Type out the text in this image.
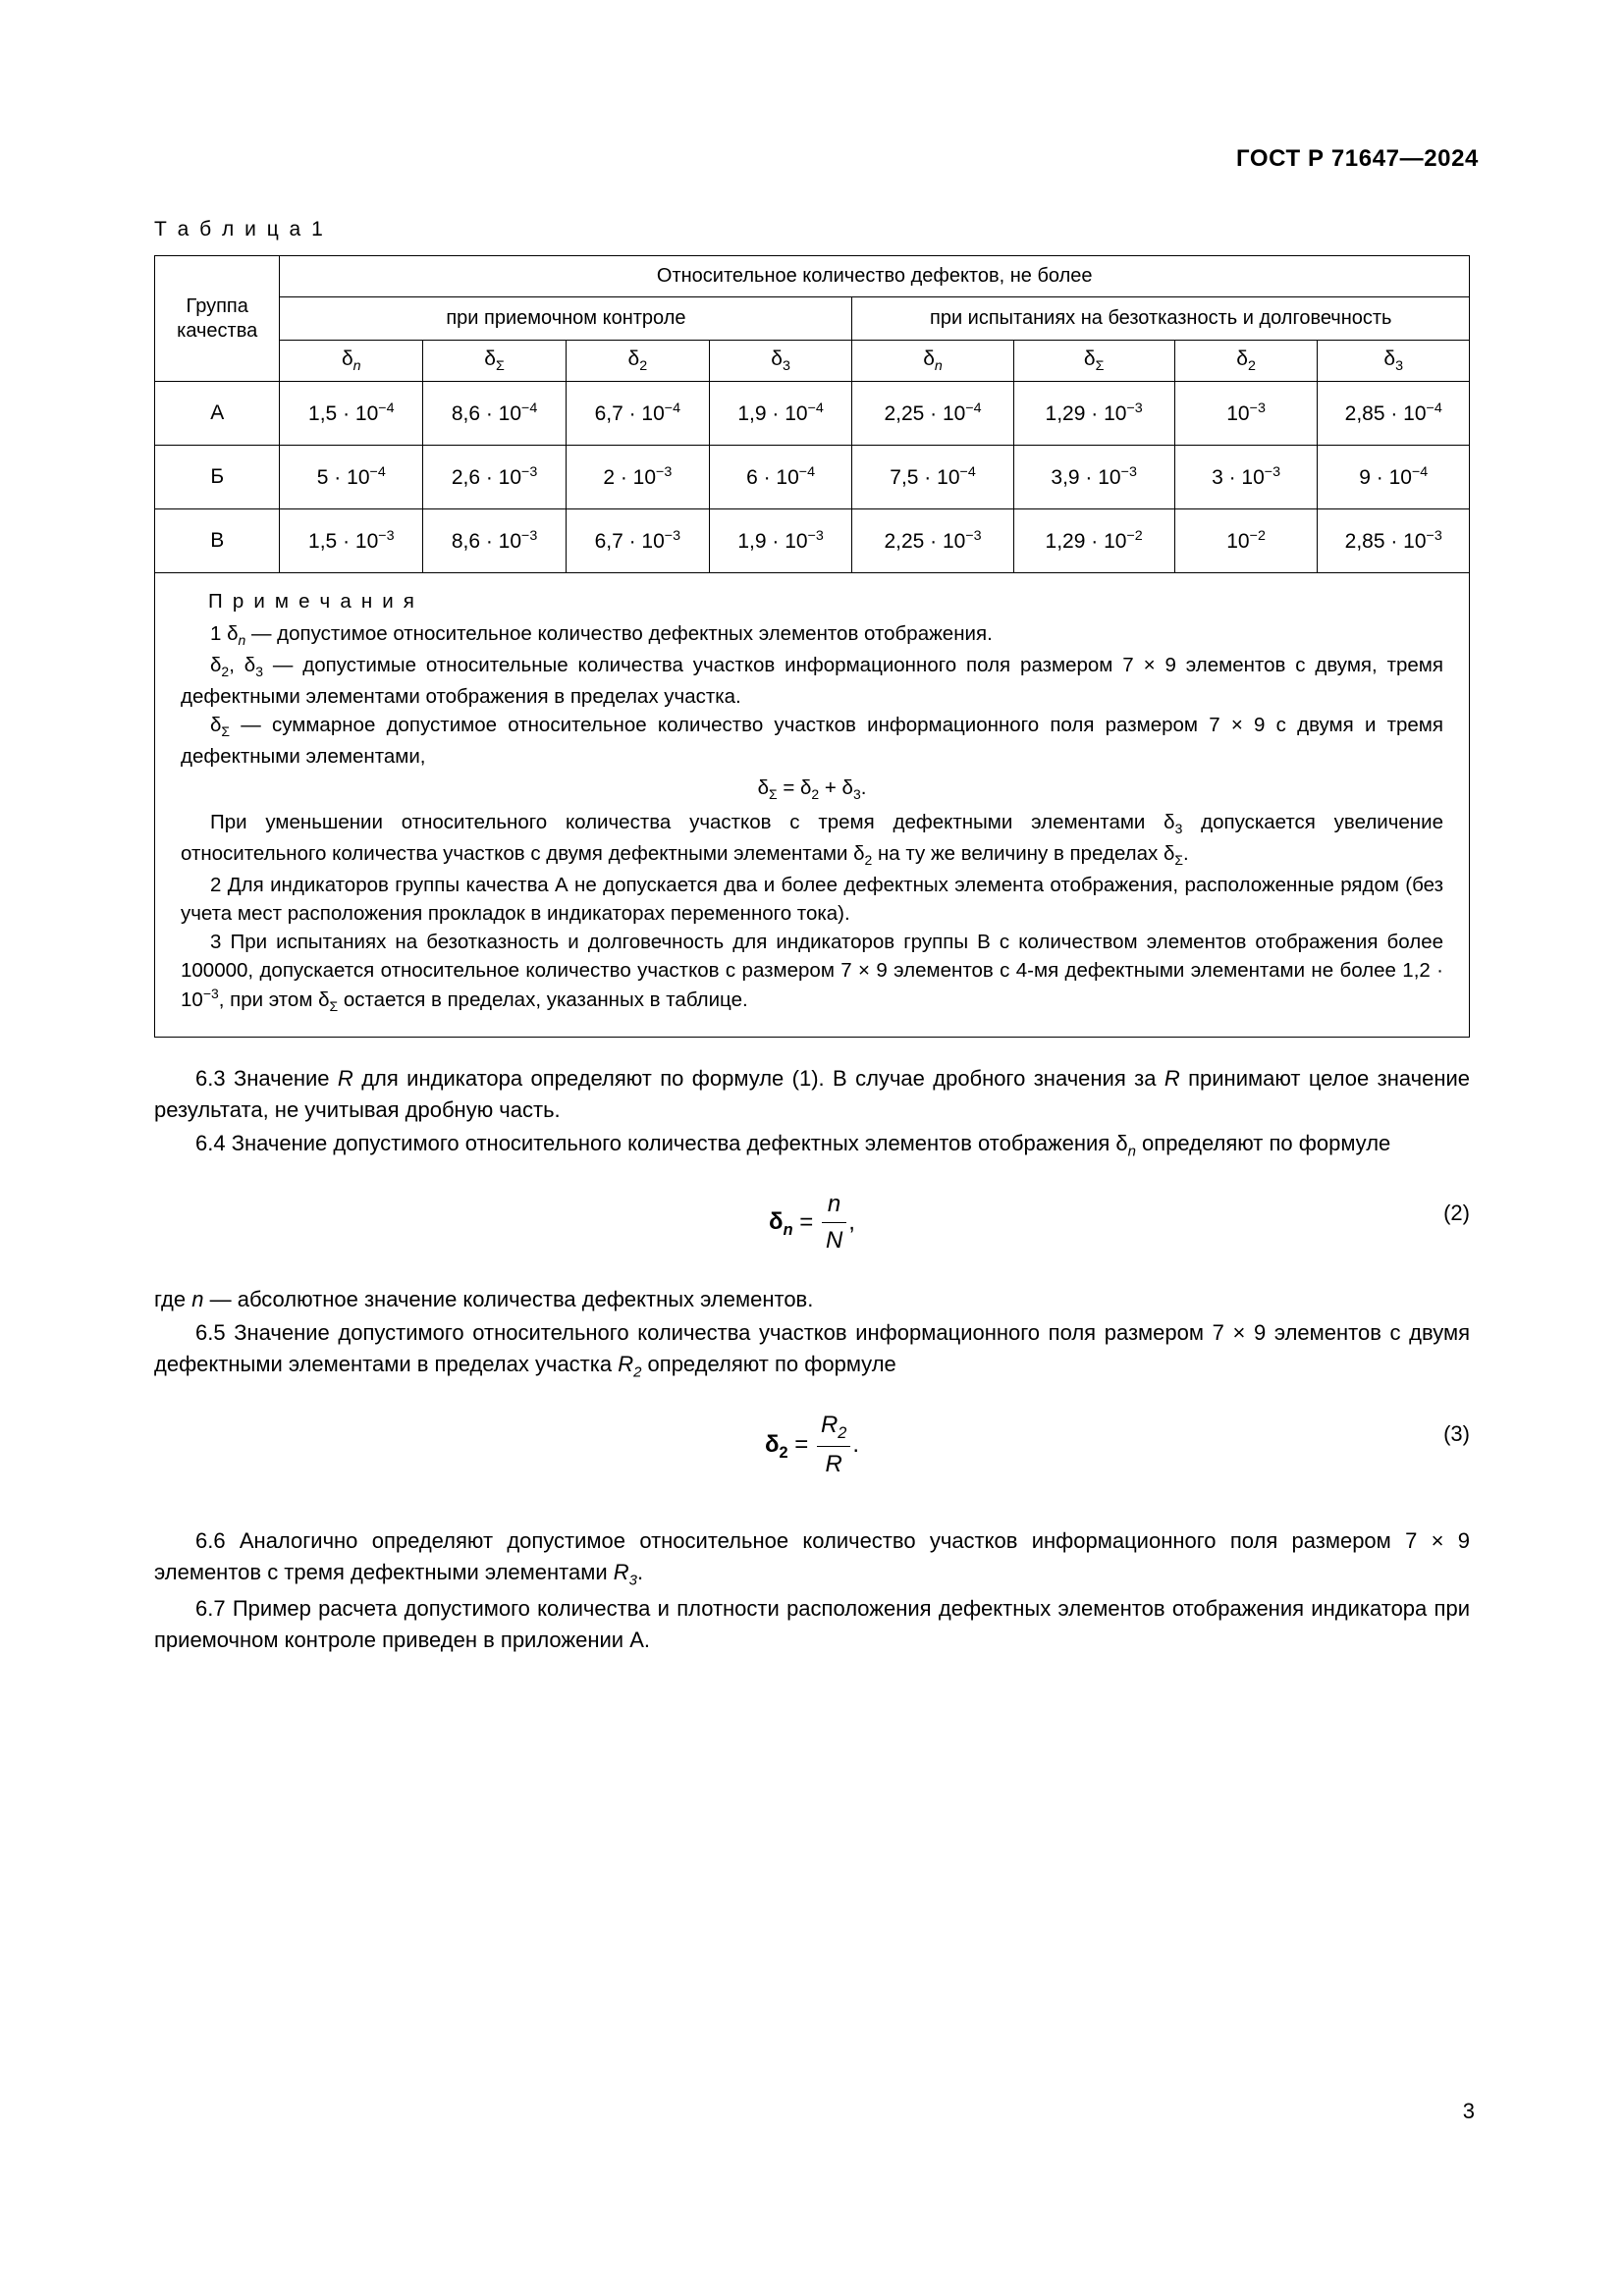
ГОСТ Р 71647—2024
Т а б л и ц а 1
Группа
качества	Относительное количество дефектов, не более							
	при приемочном контроле				при испытаниях на безотказность и долговечность			
	$\delta_n$	$\delta_\Sigma$	$\delta_2$	$\delta_3$	$\delta_n$	$\delta_\Sigma$	$\delta_2$	$\delta_3$
А	$1,5 \cdot 10^{-4}$	$8,6 \cdot 10^{-4}$	$6,7 \cdot 10^{-4}$	$1,9 \cdot 10^{-4}$	$2,25 \cdot 10^{-4}$	$1,29 \cdot 10^{-3}$	$10^{-3}$	$2,85 \cdot 10^{-4}$
Б	$5 \cdot 10^{-4}$	$2,6 \cdot 10^{-3}$	$2 \cdot 10^{-3}$	$6 \cdot 10^{-4}$	$7,5 \cdot 10^{-4}$	$3,9 \cdot 10^{-3}$	$3 \cdot 10^{-3}$	$9 \cdot 10^{-4}$
В	$1,5 \cdot 10^{-3}$	$8,6 \cdot 10^{-3}$	$6,7 \cdot 10^{-3}$	$1,9 \cdot 10^{-3}$	$2,25 \cdot 10^{-3}$	$1,29 \cdot 10^{-2}$	$10^{-2}$	$2,85 \cdot 10^{-3}$
П р и м е ч а н и я

1 $\delta_n$ — допустимое относительное количество дефектных элементов отображения.

$\delta_2$, $\delta_3$ — допустимые относительные количества участков информационного поля размером 7 × 9 элементов с двумя, тремя дефектными элементами отображения в пределах участка.

$\delta_\Sigma$ — суммарное допустимое относительное количество участков информационного поля размером 7 × 9 с двумя и тремя дефектными элементами,

$\delta_\Sigma = \delta_2 + \delta_3$.

При уменьшении относительного количества участков с тремя дефектными элементами $\delta_3$ допускается увеличение относительного количества участков с двумя дефектными элементами $\delta_2$ на ту же величину в пределах $\delta_\Sigma$.

2 Для индикаторов группы качества А не допускается два и более дефектных элемента отображения, расположенные рядом (без учета мест расположения прокладок в индикаторах переменного тока).

3 При испытаниях на безотказность и долговечность для индикаторов группы В с количеством элементов отображения более 100000, допускается относительное количество участков с размером 7 × 9 элементов с 4-мя дефектными элементами не более $1,2 \cdot 10^{-3}$, при этом $\delta_\Sigma$ остается в пределах, указанных в таблице.

6.3 Значение R для индикатора определяют по формуле (1). В случае дробного значения за R принимают целое значение результата, не учитывая дробную часть.

6.4 Значение допустимого относительного количества дефектных элементов отображения $\delta_n$ определяют по формуле

$\delta_n = \frac{n}{N}$ ,	(2)

где n — абсолютное значение количества дефектных элементов.

6.5 Значение допустимого относительного количества участков информационного поля размером 7 × 9 элементов с двумя дефектными элементами в пределах участка $R_2$ определяют по формуле

$\delta_2 = \frac{R_2}{R}$ .	(3)

6.6 Аналогично определяют допустимое относительное количество участков информационного поля размером 7 × 9 элементов с тремя дефектными элементами $R_3$.

6.7 Пример расчета допустимого количества и плотности расположения дефектных элементов отображения индикатора при приемочном контроле приведен в приложении А.

3
